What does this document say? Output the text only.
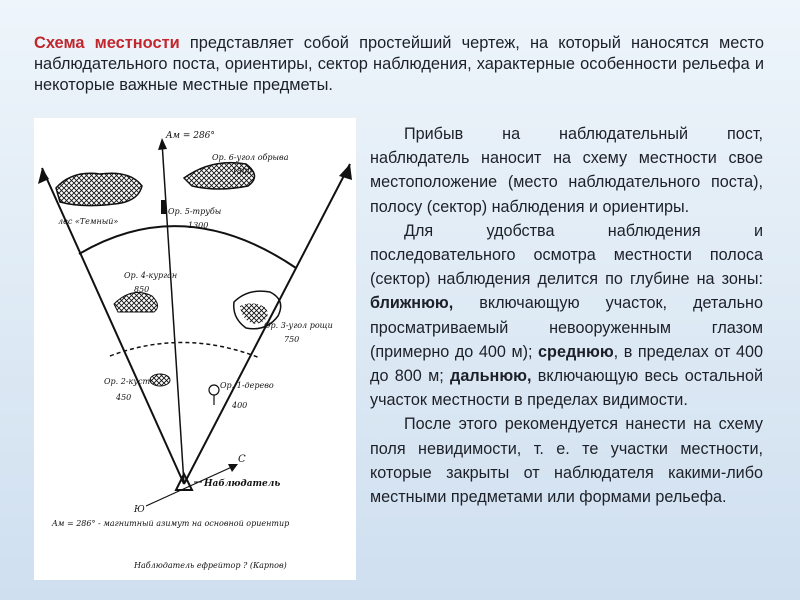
Схема местности представляет собой простейший чертеж, на который наносятся место наблюдательного поста, ориентиры, сектор наблюдения, характерные особенности рельефа и некоторые важные местные предметы.
Aм = 286°
Ор. 6-угол обрыва
1500
Ор. 5-трубы
1300
лес «Темный»
Ор. 4-курган
850
Ор. 3-угол рощи
750
Ор. 2-куст
450
Ор. 1-дерево
400
Наблюдатель
С
Ю
Aм = 286° - магнитный азимут на основной ориентир
Наблюдатель ефрейтор ? (Карпов)

Прибыв на наблюдательный пост, наблюдатель наносит на схему местности свое местоположение (место наблюдательного поста), полосу (сектор) наблюдения и ориентиры.

Для удобства наблюдения и последовательного осмотра местности полоса (сектор) наблюдения делится по глубине на зоны: ближнюю, включающую участок, детально просматриваемый невооруженным глазом (примерно до 400 м); среднюю, в пределах от 400 до 800 м; дальнюю, включающую весь остальной участок местности в пределах видимости.

После этого рекомендуется нанести на схему поля невидимости, т. е. те участки местности, которые закрыты от наблюдателя какими-либо местными предметами или формами рельефа.
